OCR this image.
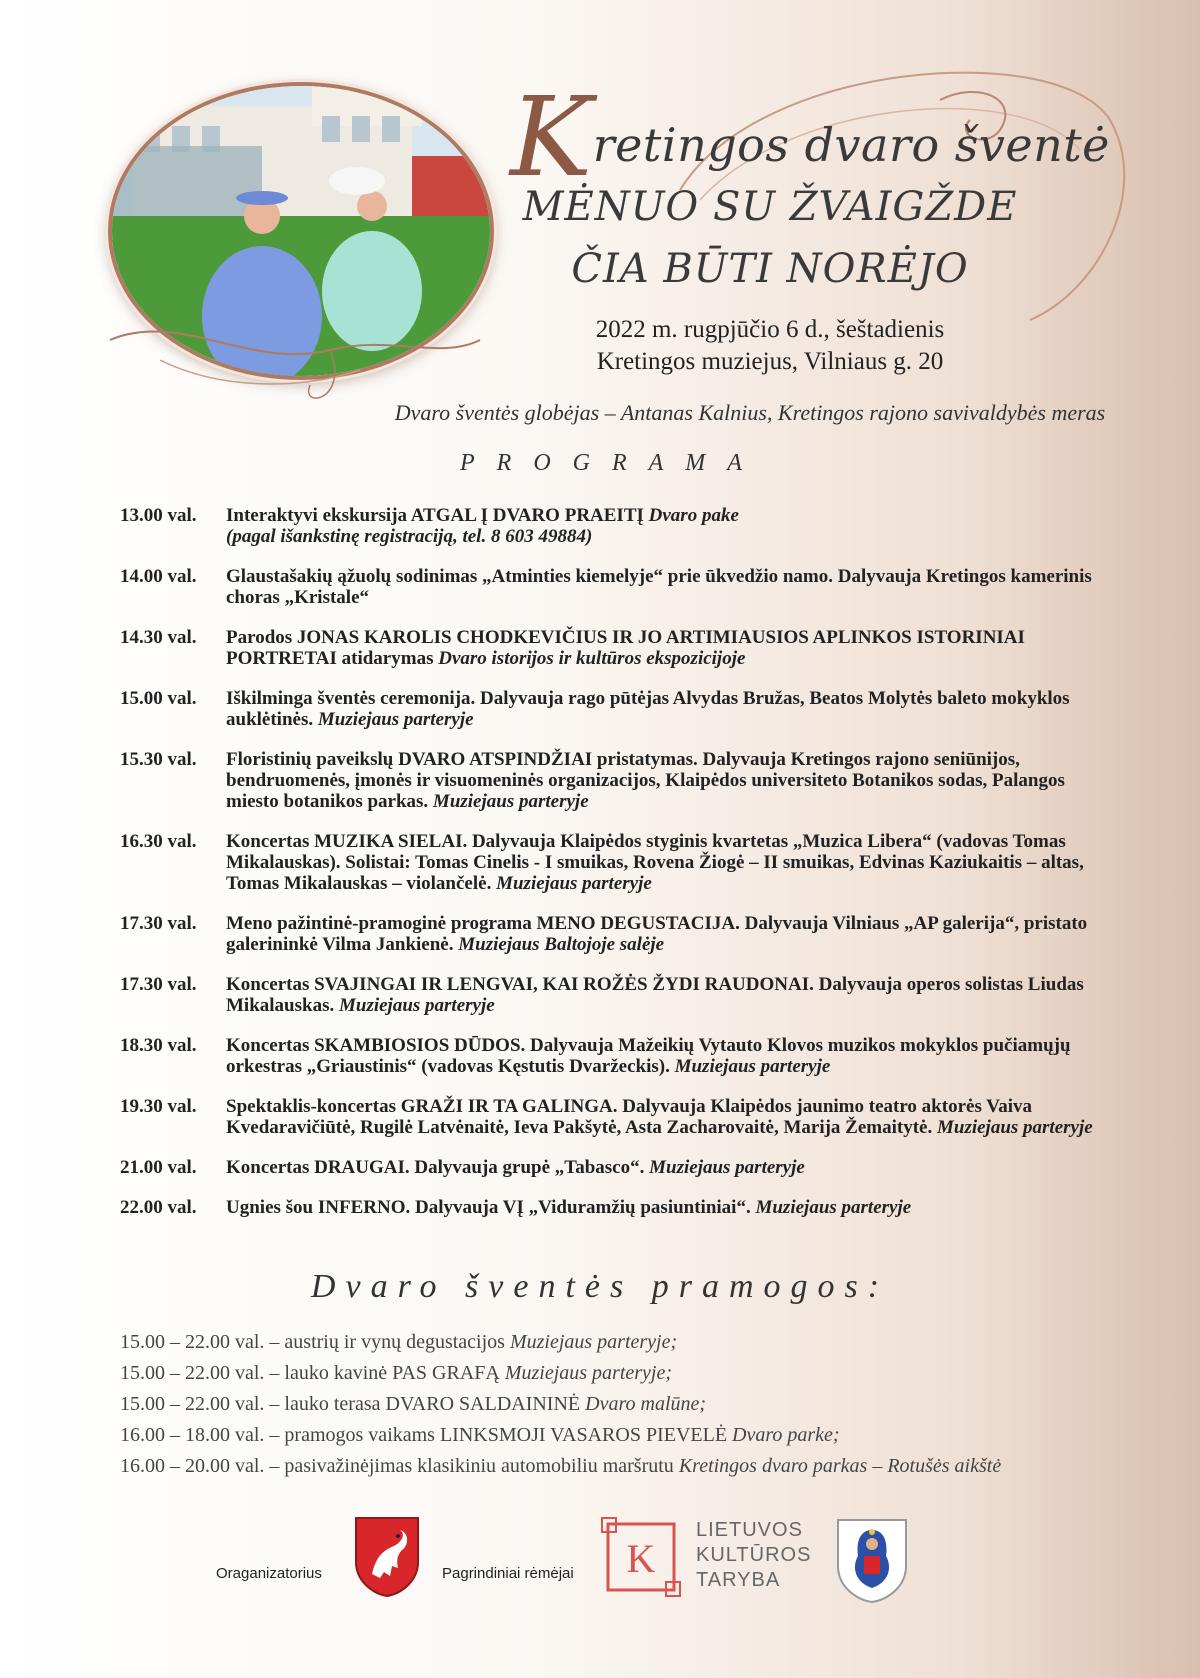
Kretingos dvaro šventė
MĖNUO SU ŽVAIGŽDE
ČIA BŪTI NORĖJO
2022 m. rugpjūčio 6 d., šeštadienis
Kretingos muziejus, Vilniaus g. 20
Dvaro šventės globėjas – Antanas Kalnius, Kretingos rajono savivaldybės meras
PROGRAMA
13.00 val.	Interaktyvi ekskursija ATGAL Į DVARO PRAEITĮ Dvaro pake
(pagal išankstinę registraciją, tel. 8 603 49884)
14.00 val.	Glaustašakių ąžuolų sodinimas „Atminties kiemelyje“ prie ūkvedžio namo. Dalyvauja Kretingos kamerinis choras „Kristale“
14.30 val.	Parodos JONAS KAROLIS CHODKEVIČIUS IR JO ARTIMIAUSIOS APLINKOS ISTORINIAI PORTRETAI atidarymas Dvaro istorijos ir kultūros ekspozicijoje
15.00 val.	Iškilminga šventės ceremonija. Dalyvauja rago pūtėjas Alvydas Bružas, Beatos Molytės baleto mokyklos auklėtinės. Muziejaus parteryje
15.30 val.	Floristinių paveikslų DVARO ATSPINDŽIAI pristatymas. Dalyvauja Kretingos rajono seniūnijos, bendruomenės, įmonės ir visuomeninės organizacijos, Klaipėdos universiteto Botanikos sodas, Palangos miesto botanikos parkas. Muziejaus parteryje
16.30 val.	Koncertas MUZIKA SIELAI. Dalyvauja Klaipėdos styginis kvartetas „Muzica Libera“ (vadovas Tomas Mikalauskas). Solistai: Tomas Cinelis - I smuikas, Rovena Žiogė – II smuikas, Edvinas Kaziukaitis – altas, Tomas Mikalauskas – violančelė. Muziejaus parteryje
17.30 val.	Meno pažintinė-pramoginė programa MENO DEGUSTACIJA. Dalyvauja Vilniaus „AP galerija“, pristato galerininkė Vilma Jankienė. Muziejaus Baltojoje salėje
17.30 val.	Koncertas SVAJINGAI IR LENGVAI, KAI ROŽĖS ŽYDI RAUDONAI. Dalyvauja operos solistas Liudas Mikalauskas. Muziejaus parteryje
18.30 val.	Koncertas SKAMBIOSIOS DŪDOS. Dalyvauja Mažeikių Vytauto Klovos muzikos mokyklos pučiamųjų orkestras „Griaustinis“ (vadovas Kęstutis Dvaržeckis). Muziejaus parteryje
19.30 val.	Spektaklis-koncertas GRAŽI IR TA GALINGA. Dalyvauja Klaipėdos jaunimo teatro aktorės Vaiva Kvedaravičiūtė, Rugilė Latvėnaitė, Ieva Pakšytė, Asta Zacharovaitė, Marija Žemaitytė. Muziejaus parteryje
21.00 val.	Koncertas DRAUGAI. Dalyvauja grupė „Tabasco“. Muziejaus parteryje
22.00 val.	Ugnies šou INFERNO. Dalyvauja VĮ „Viduramžių pasiuntiniai“. Muziejaus parteryje
Dvaro šventės pramogos:
15.00 – 22.00 val. – austrių ir vynų degustacijos Muziejaus parteryje;
15.00 – 22.00 val. – lauko kavinė PAS GRAFĄ Muziejaus parteryje;
15.00 – 22.00 val. – lauko terasa DVARO SALDAININĖ Dvaro malūne;
16.00 – 18.00 val. – pramogos vaikams LINKSMOJI VASAROS PIEVELĖ Dvaro parke;
16.00 – 20.00 val. – pasivažinėjimas klasikiniu automobiliu maršrutu Kretingos dvaro parkas – Rotušės aikštė
Oraganizatorius	Pagrindiniai rėmėjai K
LIETUVOS
KULTŪROS
TARYBA
